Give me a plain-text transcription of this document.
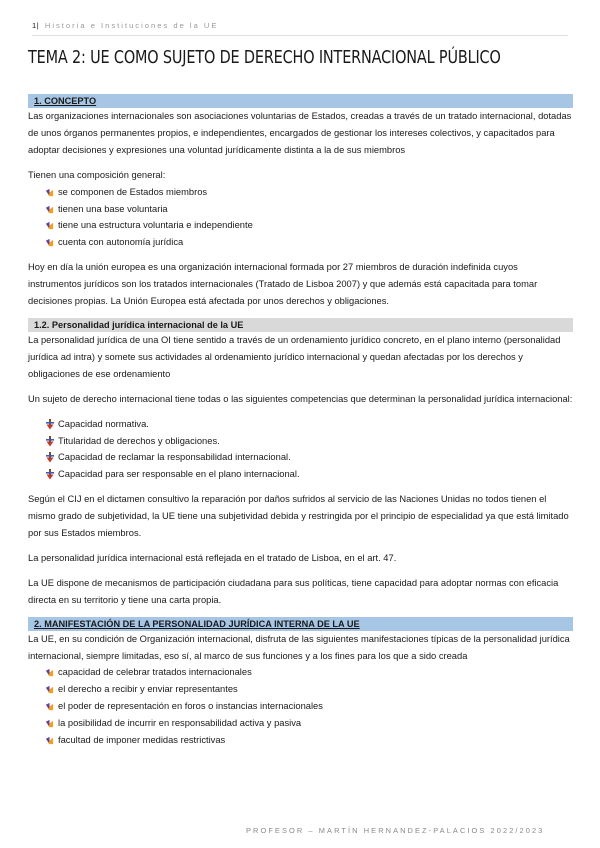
1| Historia e Instituciones de la UE
TEMA 2: UE COMO SUJETO DE DERECHO INTERNACIONAL PÚBLICO
1. CONCEPTO

Las organizaciones internacionales son asociaciones voluntarias de Estados, creadas a través de un tratado internacional, dotadas de unos órganos permanentes propios, e independientes, encargados de gestionar los intereses colectivos, y capacitados para adoptar decisiones y expresiones una voluntad jurídicamente distinta a la de sus miembros

Tienen una composición general:

se componen de Estados miembros
tienen una base voluntaria
tiene una estructura voluntaria e independiente
cuenta con autonomía jurídica

Hoy en día la unión europea es una organización internacional formada por 27 miembros de duración indefinida cuyos instrumentos jurídicos son los tratados internacionales (Tratado de Lisboa 2007) y que además está capacitada para tomar decisiones propias. La Unión Europea está afectada por unos derechos y obligaciones.

1.2. Personalidad jurídica internacional de la UE

La personalidad jurídica de una OI tiene sentido a través de un ordenamiento jurídico concreto, en el plano interno (personalidad jurídica ad intra) y somete sus actividades al ordenamiento jurídico internacional y quedan afectadas por los derechos y obligaciones de ese ordenamiento

Un sujeto de derecho internacional tiene todas o las siguientes competencias que determinan la personalidad jurídica internacional:

Capacidad normativa.
Titularidad de derechos y obligaciones.
Capacidad de reclamar la responsabilidad internacional.
Capacidad para ser responsable en el plano internacional.

Según el CIJ en el dictamen consultivo la reparación por daños sufridos al servicio de las Naciones Unidas no todos tienen el mismo grado de subjetividad, la UE tiene una subjetividad debida y restringida por el principio de especialidad ya que está limitado por sus Estados miembros.

La personalidad jurídica internacional está reflejada en el tratado de Lisboa, en el art. 47.

La UE dispone de mecanismos de participación ciudadana para sus políticas, tiene capacidad para adoptar normas con eficacia directa en su territorio y tiene una carta propia.

2. MANIFESTACIÓN DE LA PERSONALIDAD JURÍDICA INTERNA DE LA UE

La UE, en su condición de Organización internacional, disfruta de las siguientes manifestaciones típicas de la personalidad jurídica internacional, siempre limitadas, eso sí, al marco de sus funciones y a los fines para los que a sido creada

capacidad de celebrar tratados internacionales
el derecho a recibir y enviar representantes
el poder de representación en foros o instancias internacionales
la posibilidad de incurrir en responsabilidad activa y pasiva
facultad de imponer medidas restrictivas
PROFESOR – MARTÍN HERNANDEZ-PALACIOS 2022/2023
